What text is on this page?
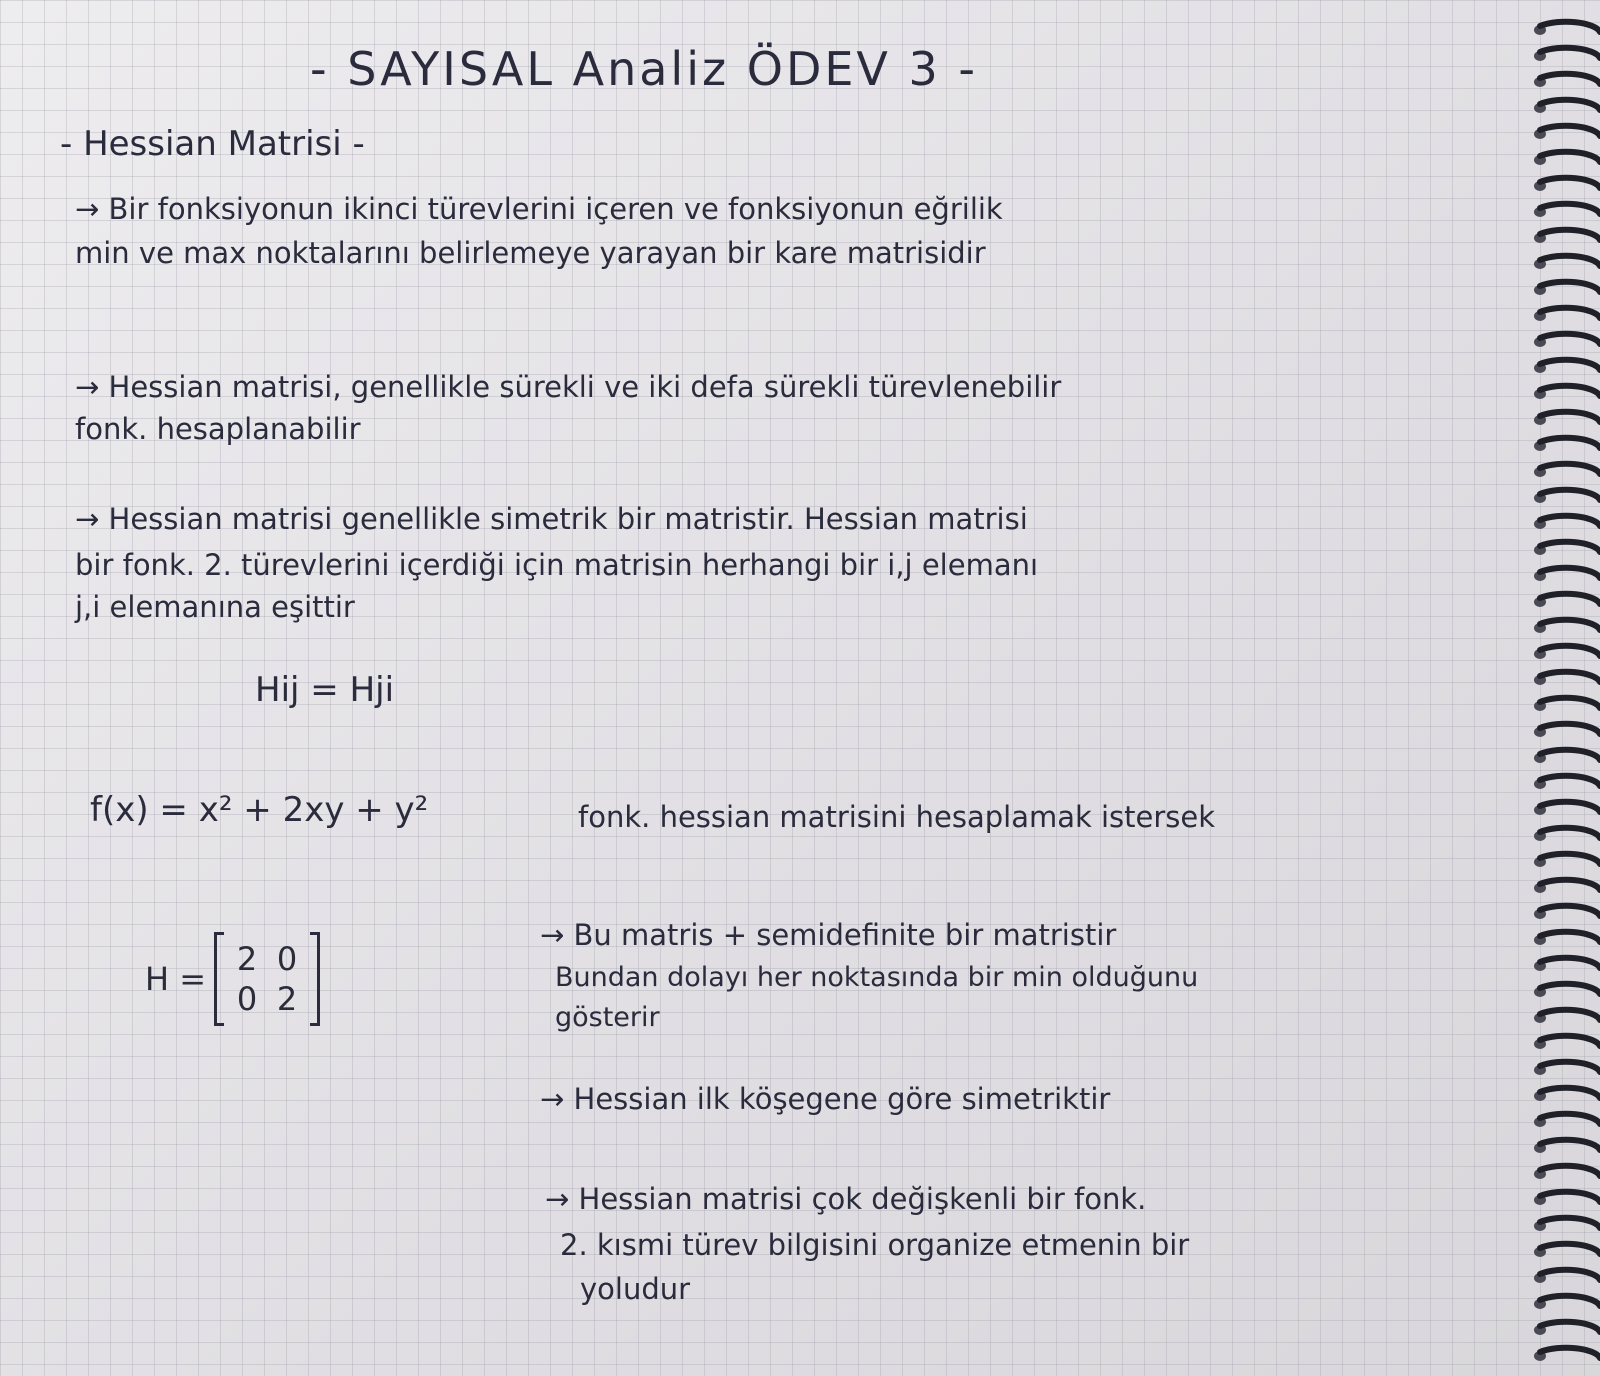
- SAYISAL Analiz ÖDEV 3 -
- Hessian Matrisi -
→ Bir fonksiyonun ikinci türevlerini içeren ve fonksiyonun eğrilik
min ve max noktalarını belirlemeye yarayan bir kare matrisidir
→ Hessian matrisi, genellikle sürekli ve iki defa sürekli türevlenebilir
fonk. hesaplanabilir
→ Hessian matrisi genellikle simetrik bir matristir. Hessian matrisi
bir fonk. 2. türevlerini içerdiği için matrisin herhangi bir i,j elemanı
j,i elemanına eşittir
Hij = Hji
f(x) = x² + 2xy + y²	fonk. hessian matrisini hesaplamak istersek
H =
2 0
0 2
→ Bu matris + semidefinite bir matristir
Bundan dolayı her noktasında bir min olduğunu
gösterir
→ Hessian ilk köşegene göre simetriktir
→ Hessian matrisi çok değişkenli bir fonk.
2. kısmi türev bilgisini organize etmenin bir
yoludur
